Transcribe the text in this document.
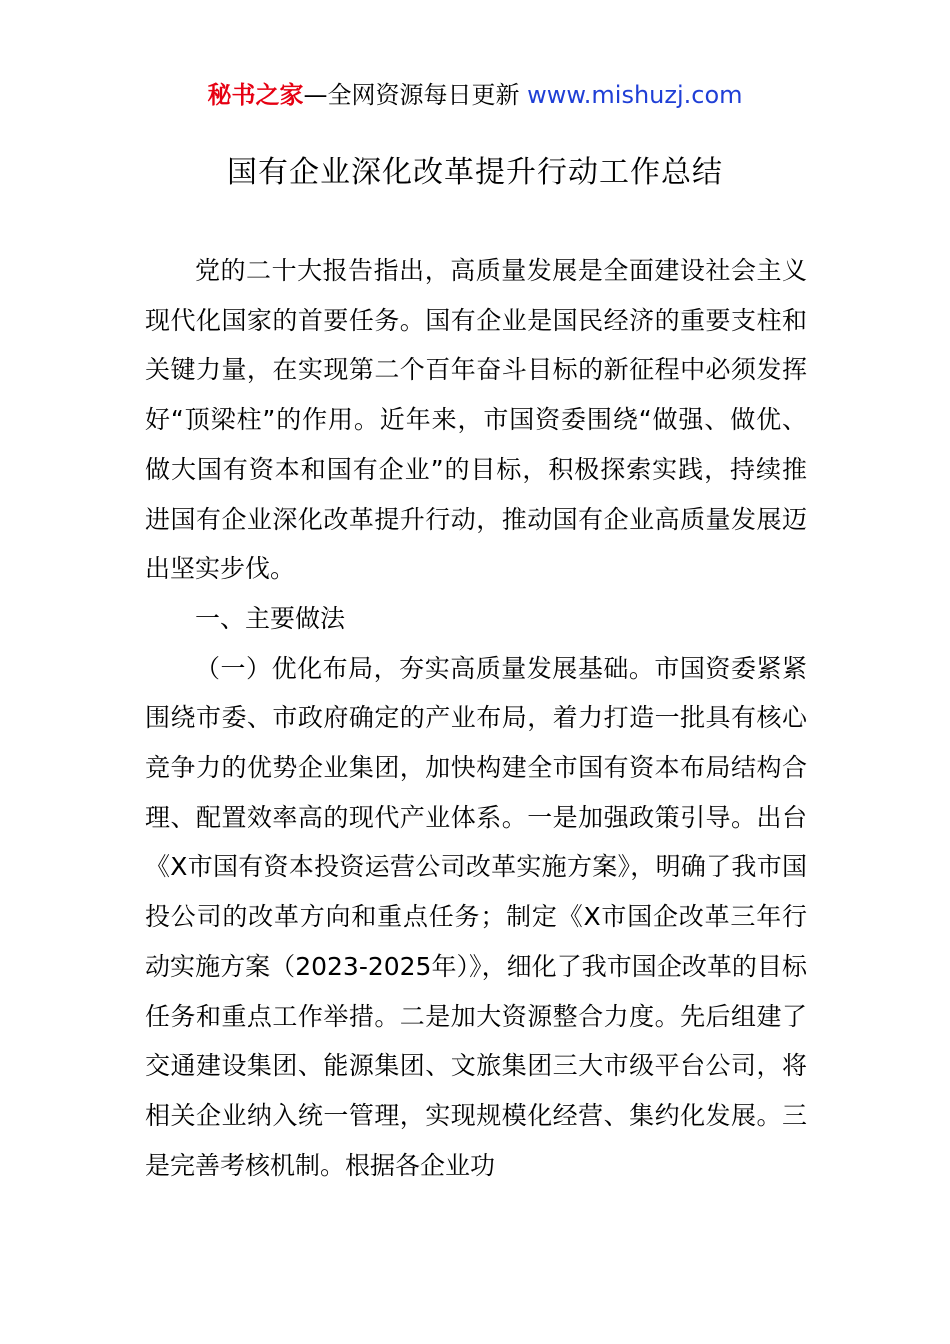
秘书之家—全网资源每日更新 www.mishuzj.com
国有企业深化改革提升行动工作总结

党的二十大报告指出，高质量发展是全面建设社会主义现代化国家的首要任务。国有企业是国民经济的重要支柱和关键力量，在实现第二个百年奋斗目标的新征程中必须发挥好“顶梁柱”的作用。近年来，市国资委围绕“做强、做优、做大国有资本和国有企业”的目标，积极探索实践，持续推进国有企业深化改革提升行动，推动国有企业高质量发展迈出坚实步伐。

一、主要做法

（一）优化布局，夯实高质量发展基础。市国资委紧紧围绕市委、市政府确定的产业布局，着力打造一批具有核心竞争力的优势企业集团，加快构建全市国有资本布局结构合理、配置效率高的现代产业体系。一是加强政策引导。出台《X市国有资本投资运营公司改革实施方案》，明确了我市国投公司的改革方向和重点任务；制定《X市国企改革三年行动实施方案（2023-2025年）》，细化了我市国企改革的目标任务和重点工作举措。二是加大资源整合力度。先后组建了交通建设集团、能源集团、文旅集团三大市级平台公司，将相关企业纳入统一管理，实现规模化经营、集约化发展。三是完善考核机制。根据各企业功
